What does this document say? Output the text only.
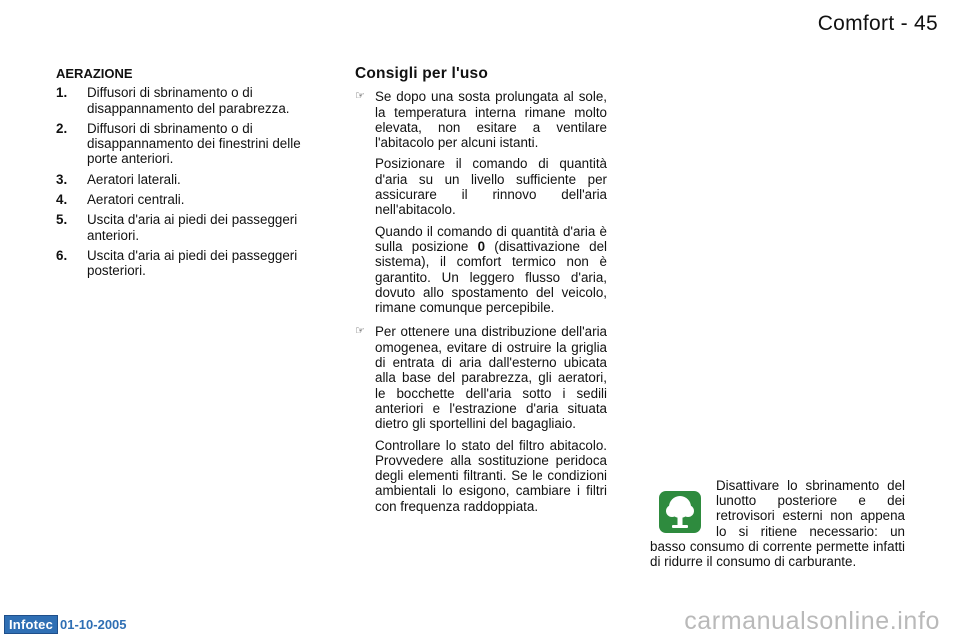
Comfort - 45
AERAZIONE
1. Diffusori di sbrinamento o di disappannamento del parabrezza.
2. Diffusori di sbrinamento o di disappannamento dei finestrini delle porte anteriori.
3. Aeratori laterali.
4. Aeratori centrali.
5. Uscita d'aria ai piedi dei passeggeri anteriori.
6. Uscita d'aria ai piedi dei passeggeri posteriori.
Consigli per l'uso
☞ Se dopo una sosta prolungata al sole, la temperatura interna rimane molto elevata, non esitare a ventilare l'abitacolo per alcuni istanti.

Posizionare il comando di quantità d'aria su un livello sufficiente per assicurare il rinnovo dell'aria nell'abitacolo.

Quando il comando di quantità d'aria è sulla posizione 0 (disattivazione del sistema), il comfort termico non è garantito. Un leggero flusso d'aria, dovuto allo spostamento del veicolo, rimane comunque percepibile.

☞ Per ottenere una distribuzione dell'aria omogenea, evitare di ostruire la griglia di entrata di aria dall'esterno ubicata alla base del parabrezza, gli aeratori, le bocchette dell'aria sotto i sedili anteriori e l'estrazione d'aria situata dietro gli sportellini del bagagliaio.

Controllare lo stato del filtro abitacolo. Provvedere alla sostituzione peridoca degli elementi filtranti. Se le condizioni ambientali lo esigono, cambiare i filtri con frequenza raddoppiata.

Disattivare lo sbrinamento del lunotto posteriore e dei retrovisori esterni non appena lo si ritiene necessario: un basso consumo di corrente permette infatti di ridurre il consumo di carburante.
Infotec 01-10-2005	carmanualsonline.info
